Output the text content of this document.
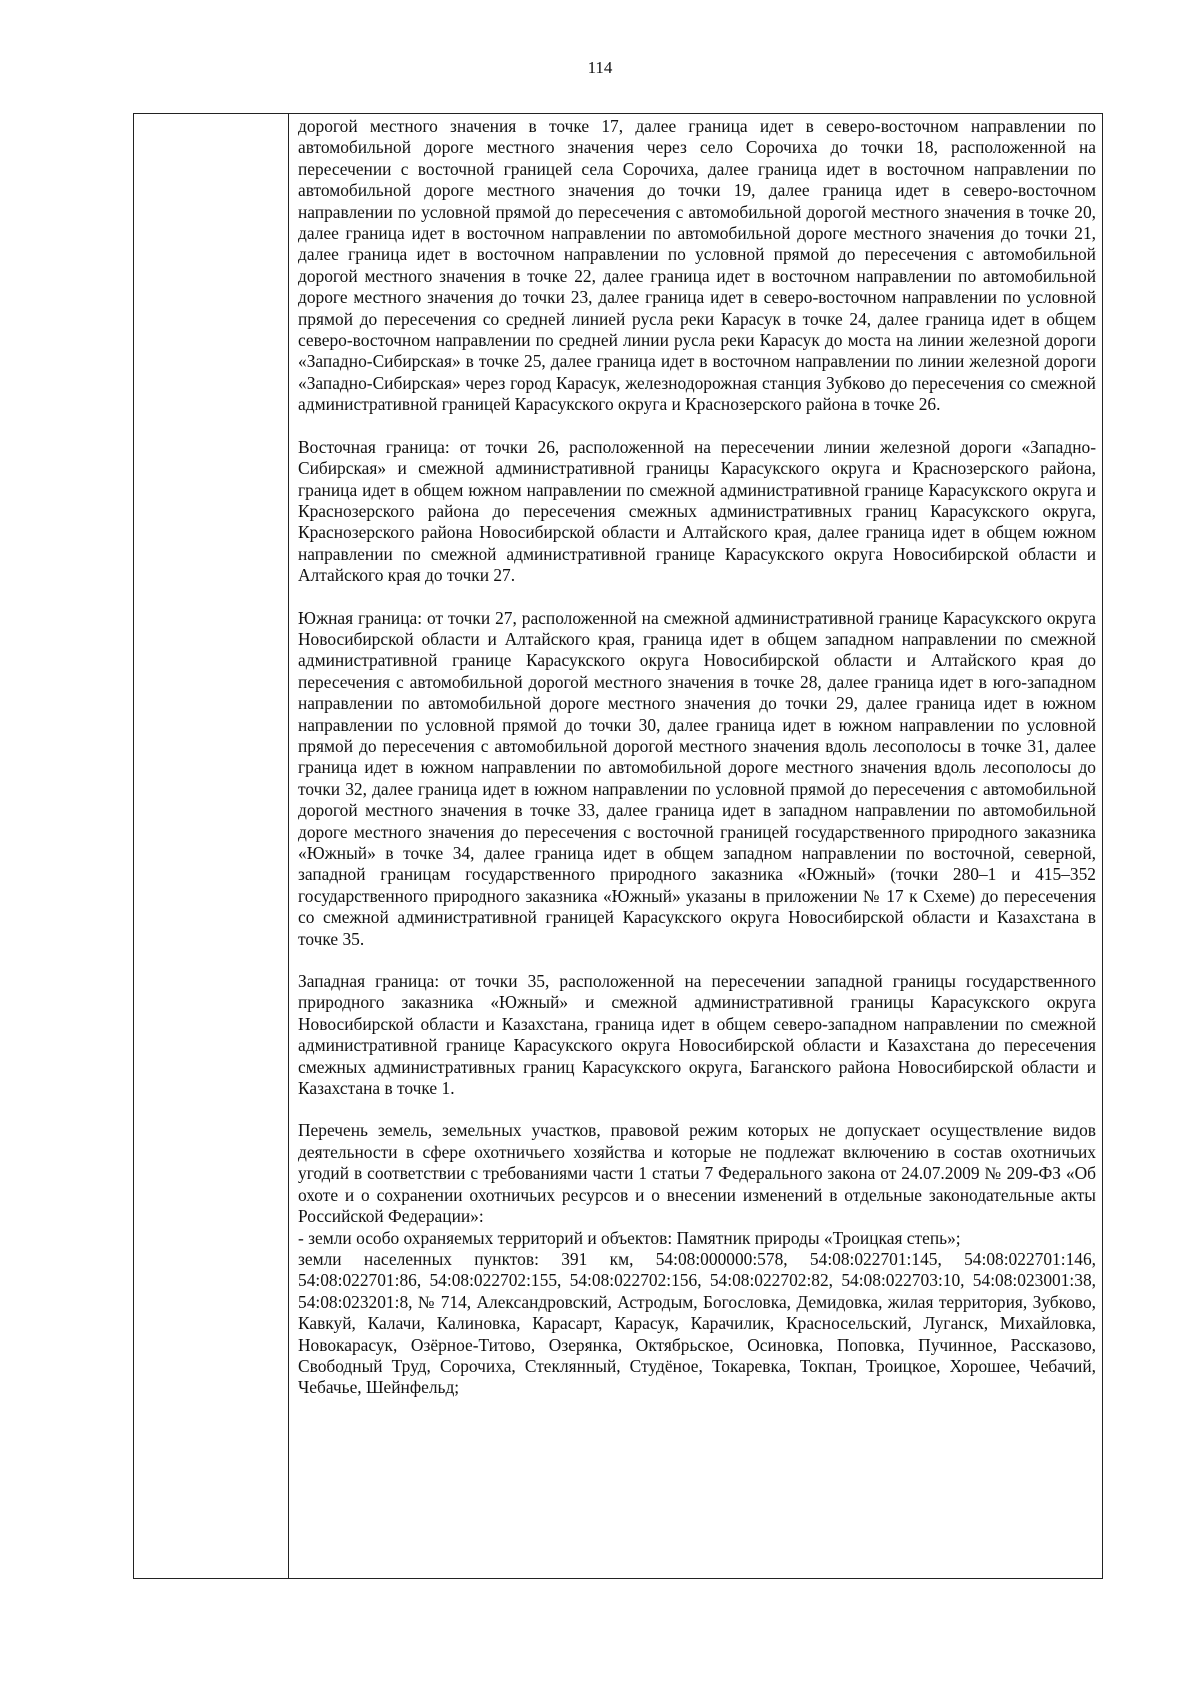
114

дорогой местного значения в точке 17, далее граница идет в северо-восточном направлении по автомобильной дороге местного значения через село Сорочиха до точки 18, расположенной на пересечении с восточной границей села Сорочиха, далее граница идет в восточном направлении по автомобильной дороге местного значения до точки 19, далее граница идет в северо-восточном направлении по условной прямой до пересечения с автомобильной дорогой местного значения в точке 20, далее граница идет в восточном направлении по автомобильной дороге местного значения до точки 21, далее граница идет в восточном направлении по условной прямой до пересечения с автомобильной дорогой местного значения в точке 22, далее граница идет в восточном направлении по автомобильной дороге местного значения до точки 23, далее граница идет в северо-восточном направлении по условной прямой до пересечения со средней линией русла реки Карасук в точке 24, далее граница идет в общем северо-восточном направлении по средней линии русла реки Карасук до моста на линии железной дороги «Западно-Сибирская» в точке 25, далее граница идет в восточном направлении по линии железной дороги «Западно-Сибирская» через город Карасук, железнодорожная станция Зубково до пересечения со смежной административной границей Карасукского округа и Краснозерского района в точке 26.

Восточная граница: от точки 26, расположенной на пересечении линии железной дороги «Западно-Сибирская» и смежной административной границы Карасукского округа и Краснозерского района, граница идет в общем южном направлении по смежной административной границе Карасукского округа и Краснозерского района до пересечения смежных административных границ Карасукского округа, Краснозерского района Новосибирской области и Алтайского края, далее граница идет в общем южном направлении по смежной административной границе Карасукского округа Новосибирской области и Алтайского края до точки 27.

Южная граница: от точки 27, расположенной на смежной административной границе Карасукского округа Новосибирской области и Алтайского края, граница идет в общем западном направлении по смежной административной границе Карасукского округа Новосибирской области и Алтайского края до пересечения с автомобильной дорогой местного значения в точке 28, далее граница идет в юго-западном направлении по автомобильной дороге местного значения до точки 29, далее граница идет в южном направлении по условной прямой до точки 30, далее граница идет в южном направлении по условной прямой до пересечения с автомобильной дорогой местного значения вдоль лесополосы в точке 31, далее граница идет в южном направлении по автомобильной дороге местного значения вдоль лесополосы до точки 32, далее граница идет в южном направлении по условной прямой до пересечения с автомобильной дорогой местного значения в точке 33, далее граница идет в западном направлении по автомобильной дороге местного значения до пересечения с восточной границей государственного природного заказника «Южный» в точке 34, далее граница идет в общем западном направлении по восточной, северной, западной границам государственного природного заказника «Южный» (точки 280–1 и 415–352 государственного природного заказника «Южный» указаны в приложении № 17 к Схеме) до пересечения со смежной административной границей Карасукского округа Новосибирской области и Казахстана в точке 35.

Западная граница: от точки 35, расположенной на пересечении западной границы государственного природного заказника «Южный» и смежной административной границы Карасукского округа Новосибирской области и Казахстана, граница идет в общем северо-западном направлении по смежной административной границе Карасукского округа Новосибирской области и Казахстана до пересечения смежных административных границ Карасукского округа, Баганского района Новосибирской области и Казахстана в точке 1.

Перечень земель, земельных участков, правовой режим которых не допускает осуществление видов деятельности в сфере охотничьего хозяйства и которые не подлежат включению в состав охотничьих угодий в соответствии с требованиями части 1 статьи 7 Федерального закона от 24.07.2009 № 209-ФЗ «Об охоте и о сохранении охотничьих ресурсов и о внесении изменений в отдельные законодательные акты Российской Федерации»:

- земли особо охраняемых территорий и объектов: Памятник природы «Троицкая степь»;

земли населенных пунктов: 391 км, 54:08:000000:578, 54:08:022701:145, 54:08:022701:146, 54:08:022701:86, 54:08:022702:155, 54:08:022702:156, 54:08:022702:82, 54:08:022703:10, 54:08:023001:38, 54:08:023201:8, № 714, Александровский, Астродым, Богословка, Демидовка, жилая территория, Зубково, Кавкуй, Калачи, Калиновка, Карасарт, Карасук, Карачилик, Красносельский, Луганск, Михайловка, Новокарасук, Озёрное-Титово, Озерянка, Октябрьское, Осиновка, Поповка, Пучинное, Рассказово, Свободный Труд, Сорочиха, Стеклянный, Студёное, Токаревка, Токпан, Троицкое, Хорошее, Чебачий, Чебачье, Шейнфельд;
